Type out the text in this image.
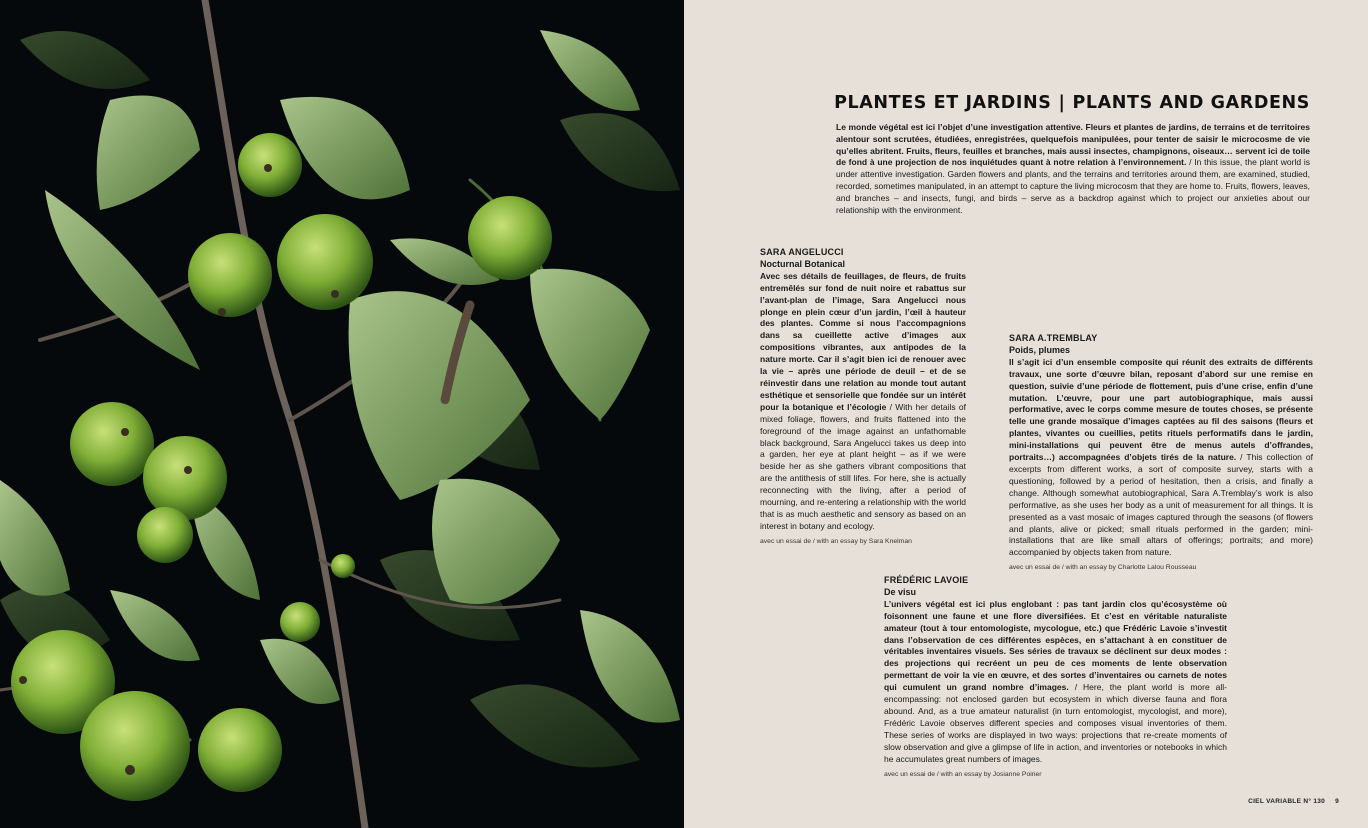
PLANTES ET JARDINS | PLANTS AND GARDENS

Le monde végétal est ici l’objet d’une investigation attentive. Fleurs et plantes de jardins, de terrains et de territoires alentour sont scrutées, étudiées, enregistrées, quelquefois manipulées, pour tenter de saisir le microcosme de vie qu’elles abritent. Fruits, fleurs, feuilles et branches, mais aussi insectes, champignons, oiseaux… servent ici de toile de fond à une projection de nos inquiétudes quant à notre relation à l’environnement. / In this issue, the plant world is under attentive investigation. Garden flowers and plants, and the terrains and territories around them, are examined, studied, recorded, sometimes manipulated, in an attempt to capture the living microcosm that they are home to. Fruits, flowers, leaves, and branches – and insects, fungi, and birds – serve as a backdrop against which to project our anxieties about our relationship with the environment.

SARA ANGELUCCI

Nocturnal Botanical

Avec ses détails de feuillages, de fleurs, de fruits entremêlés sur fond de nuit noire et rabattus sur l’avant-plan de l’image, Sara Angelucci nous plonge en plein cœur d’un jardin, l’œil à hauteur des plantes. Comme si nous l’accompagnions dans sa cueillette active d’images aux compositions vibrantes, aux antipodes de la nature morte. Car il s’agit bien ici de renouer avec la vie – après une période de deuil – et de se réinvestir dans une relation au monde tout autant esthétique et sensorielle que fondée sur un intérêt pour la botanique et l’écologie / With her details of mixed foliage, flowers, and fruits flattened into the foreground of the image against an unfathomable black background, Sara Angelucci takes us deep into a garden, her eye at plant height – as if we were beside her as she gathers vibrant compositions that are the antithesis of still lifes. For here, she is actually reconnecting with the living, after a period of mourning, and re-entering a relationship with the world that is as much aesthetic and sensory as based on an interest in botany and ecology.

avec un essai de / with an essay by Sara Knelman

SARA A.TREMBLAY

Poids, plumes

Il s’agit ici d’un ensemble composite qui réunit des extraits de différents travaux, une sorte d’œuvre bilan, reposant d’abord sur une remise en question, suivie d’une période de flottement, puis d’une crise, enfin d’une mutation. L’œuvre, pour une part autobiographique, mais aussi performative, avec le corps comme mesure de toutes choses, se présente telle une grande mosaïque d’images captées au fil des saisons (fleurs et plantes, vivantes ou cueillies, petits rituels performatifs dans le jardin, mini-installations qui peuvent être de menus autels d’offrandes, portraits…) accompagnées d’objets tirés de la nature. / This collection of excerpts from different works, a sort of composite survey, starts with a questioning, followed by a period of hesitation, then a crisis, and finally a change. Although somewhat autobiographical, Sara A.Tremblay’s work is also performative, as she uses her body as a unit of measurement for all things. It is presented as a vast mosaic of images captured through the seasons (of flowers and plants, alive or picked; small rituals performed in the garden; mini-installations that are like small altars of offerings; portraits; and more) accompanied by objects taken from nature.

avec un essai de / with an essay by Charlotte Lalou Rousseau

FRÉDÉRIC LAVOIE

De visu

L’univers végétal est ici plus englobant : pas tant jardin clos qu’écosystème où foisonnent une faune et une flore diversifiées. Et c’est en véritable naturaliste amateur (tout à tour entomologiste, mycologue, etc.) que Frédéric Lavoie s’investit dans l’observation de ces différentes espèces, en s’attachant à en constituer de véritables inventaires visuels. Ses séries de travaux se déclinent sur deux modes : des projections qui recréent un peu de ces moments de lente observation permettant de voir la vie en œuvre, et des sortes d’inventaires ou carnets de notes qui cumulent un grand nombre d’images. / Here, the plant world is more all-encompassing: not enclosed garden but ecosystem in which diverse fauna and flora abound. And, as a true amateur naturalist (in turn entomologist, mycologist, and more), Frédéric Lavoie observes different species and composes visual inventories of them. These series of works are displayed in two ways: projections that re-create moments of slow observation and give a glimpse of life in action, and inventories or notebooks in which he accumulates great numbers of images.

avec un essai de / with an essay by Josianne Poirier
CIEL VARIABLE N° 130 9
